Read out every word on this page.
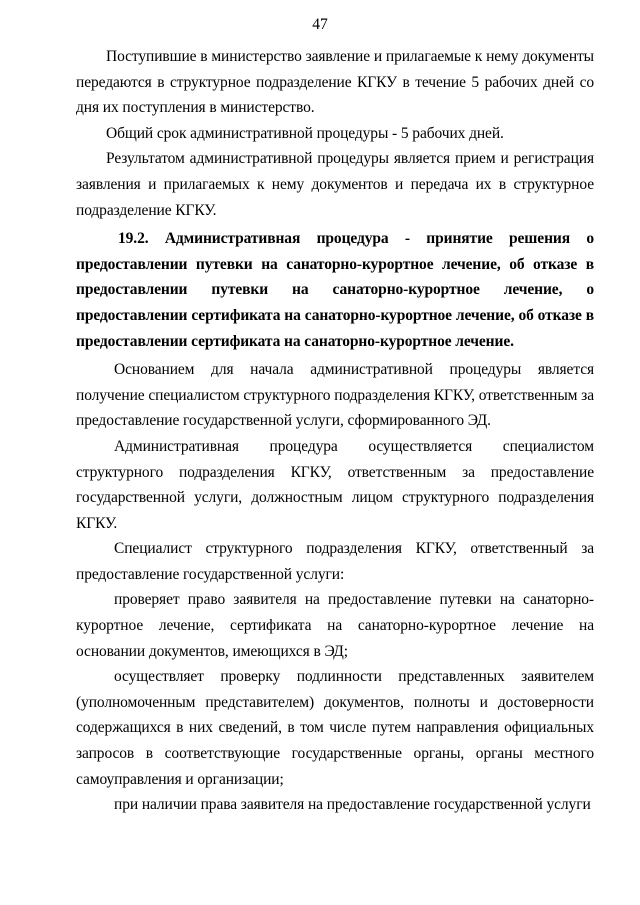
47

Поступившие в министерство заявление и прилагаемые к нему документы передаются в структурное подразделение КГКУ в течение 5 рабочих дней со дня их поступления в министерство.

Общий срок административной процедуры - 5 рабочих дней.

Результатом административной процедуры является прием и регистрация заявления и прилагаемых к нему документов и передача их в структурное подразделение КГКУ.

19.2. Административная процедура - принятие решения о предоставлении путевки на санаторно-курортное лечение, об отказе в предоставлении путевки на санаторно-курортное лечение, о предоставлении сертификата на санаторно-курортное лечение, об отказе в предоставлении сертификата на санаторно-курортное лечение.

Основанием для начала административной процедуры является получение специалистом структурного подразделения КГКУ, ответственным за предоставление государственной услуги, сформированного ЭД.

Административная процедура осуществляется специалистом структурного подразделения КГКУ, ответственным за предоставление государственной услуги, должностным лицом структурного подразделения КГКУ.

Специалист структурного подразделения КГКУ, ответственный за предоставление государственной услуги:

проверяет право заявителя на предоставление путевки на санаторно-курортное лечение, сертификата на санаторно-курортное лечение на основании документов, имеющихся в ЭД;

осуществляет проверку подлинности представленных заявителем (уполномоченным представителем) документов, полноты и достоверности содержащихся в них сведений, в том числе путем направления официальных запросов в соответствующие государственные органы, органы местного самоуправления и организации;

при наличии права заявителя на предоставление государственной услуги
